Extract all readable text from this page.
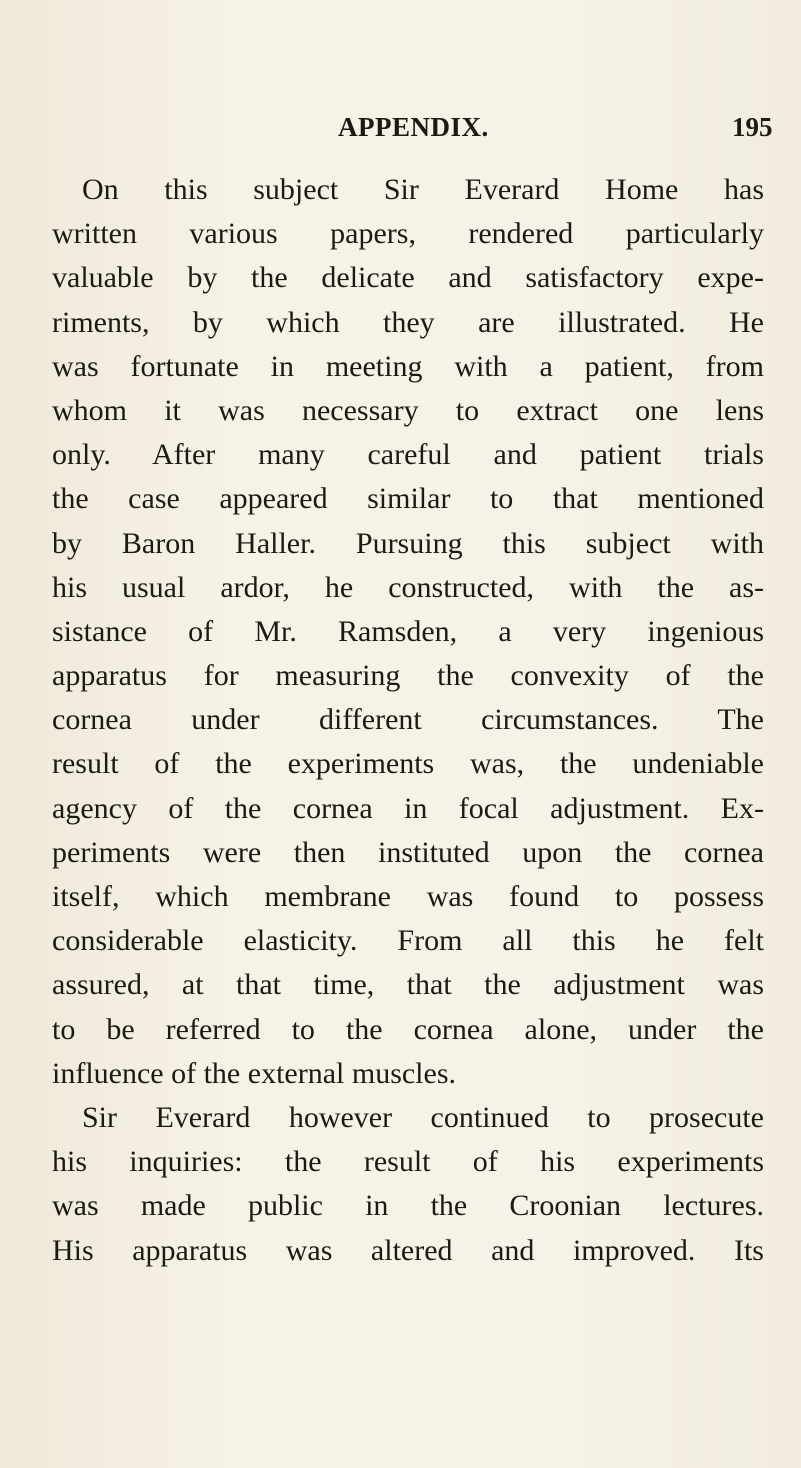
APPENDIX.	195
On this subject Sir Everard Home has
written various papers, rendered particularly
valuable by the delicate and satisfactory expe-
riments, by which they are illustrated. He
was fortunate in meeting with a patient, from
whom it was necessary to extract one lens
only. After many careful and patient trials
the case appeared similar to that mentioned
by Baron Haller. Pursuing this subject with
his usual ardor, he constructed, with the as-
sistance of Mr. Ramsden, a very ingenious
apparatus for measuring the convexity of the
cornea under different circumstances. The
result of the experiments was, the undeniable
agency of the cornea in focal adjustment. Ex-
periments were then instituted upon the cornea
itself, which membrane was found to possess
considerable elasticity. From all this he felt
assured, at that time, that the adjustment was
to be referred to the cornea alone, under the
influence of the external muscles.
Sir Everard however continued to prosecute
his inquiries: the result of his experiments
was made public in the Croonian lectures.
His apparatus was altered and improved. Its
